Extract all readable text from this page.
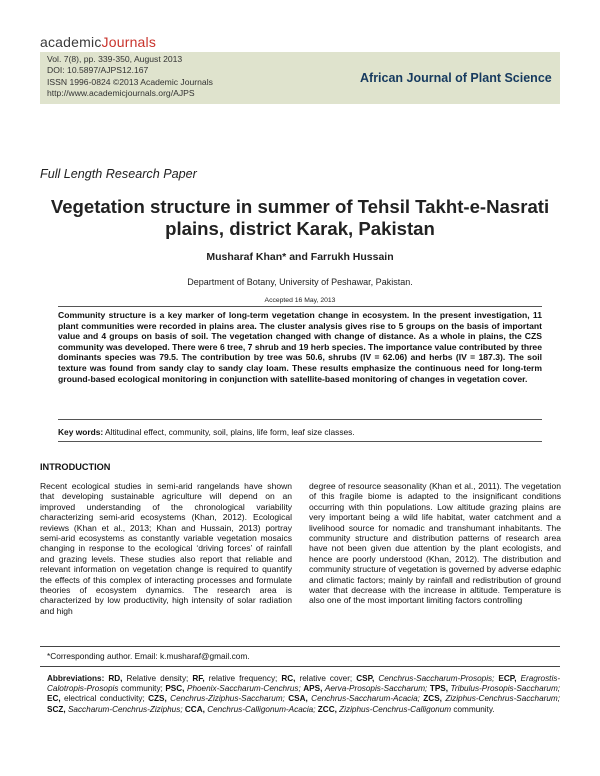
academicJournals
Vol. 7(8), pp. 339-350, August 2013
DOI: 10.5897/AJPS12.167
ISSN 1996-0824 ©2013 Academic Journals
http://www.academicjournals.org/AJPS
African Journal of Plant Science
Full Length Research Paper
Vegetation structure in summer of Tehsil Takht-e-Nasrati plains, district Karak, Pakistan
Musharaf Khan* and Farrukh Hussain
Department of Botany, University of Peshawar, Pakistan.
Accepted 16 May, 2013
Community structure is a key marker of long-term vegetation change in ecosystem. In the present investigation, 11 plant communities were recorded in plains area. The cluster analysis gives rise to 5 groups on the basis of important value and 4 groups on basis of soil. The vegetation changed with change of distance. As a whole in plains, the CZS community was developed. There were 6 tree, 7 shrub and 19 herb species. The importance value contributed by three dominants species was 79.5. The contribution by tree was 50.6, shrubs (IV = 62.06) and herbs (IV = 187.3). The soil texture was found from sandy clay to sandy clay loam. These results emphasize the continuous need for long-term ground-based ecological monitoring in conjunction with satellite-based monitoring of changes in vegetation cover.
Key words: Altitudinal effect, community, soil, plains, life form, leaf size classes.
INTRODUCTION
Recent ecological studies in semi-arid rangelands have shown that developing sustainable agriculture will depend on an improved understanding of the chronological variability characterizing semi-arid ecosystems (Khan, 2012). Ecological reviews (Khan et al., 2013; Khan and Hussain, 2013) portray semi-arid ecosystems as constantly variable vegetation mosaics changing in response to the ecological ‘driving forces’ of rainfall and grazing levels. These studies also report that reliable and relevant information on vegetation change is required to quantify the effects of this complex of interacting processes and formulate theories of ecosystem dynamics. The research area is characterized by low productivity, high intensity of solar radiation and high
degree of resource seasonality (Khan et al., 2011). The vegetation of this fragile biome is adapted to the insignificant conditions occurring with thin populations. Low altitude grazing plains are very important being a wild life habitat, water catchment and a livelihood source for nomadic and transhumant inhabitants. The community structure and distribution patterns of research area have not been given due attention by the plant ecologists, and hence are poorly understood (Khan, 2012). The distribution and community structure of vegetation is governed by adverse edaphic and climatic factors; mainly by rainfall and redistribution of ground water that decrease with the increase in altitude. Temperature is also one of the most important limiting factors controlling
*Corresponding author. Email: k.musharaf@gmail.com.
Abbreviations: RD, Relative density; RF, relative frequency; RC, relative cover; CSP, Cenchrus-Saccharum-Prosopis; ECP, Eragrostis-Calotropis-Prosopis community; PSC, Phoenix-Saccharum-Cenchrus; APS, Aerva-Prosopis-Saccharum; TPS, Tribulus-Prosopis-Saccharum; EC, electrical conductivity; CZS, Cenchrus-Ziziphus-Saccharum; CSA, Cenchrus-Saccharum-Acacia; ZCS, Ziziphus-Cenchrus-Saccharum; SCZ, Saccharum-Cenchrus-Ziziphus; CCA, Cenchrus-Calligonum-Acacia; ZCC, Ziziphus-Cenchrus-Calligonum community.
